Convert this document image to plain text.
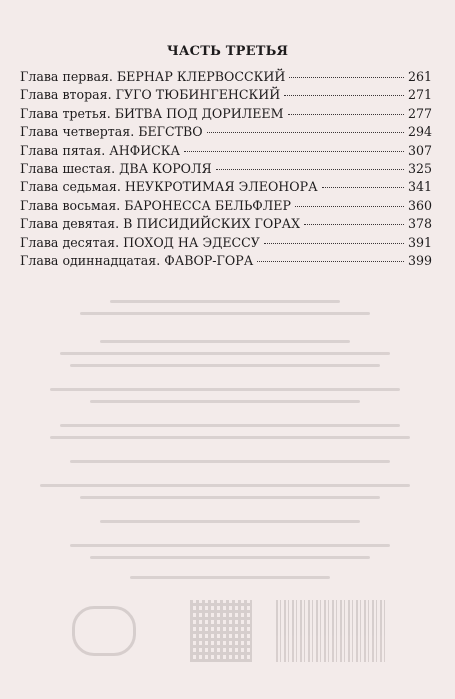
ЧАСТЬ ТРЕТЬЯ
Глава первая. БЕРНАР КЛЕРВОССКИЙ	261
Глава вторая. ГУГО ТЮБИНГЕНСКИЙ	271
Глава третья. БИТВА ПОД ДОРИЛЕЕМ	277
Глава четвертая. БЕГСТВО	294
Глава пятая. АНФИСКА	307
Глава шестая. ДВА КОРОЛЯ	325
Глава седьмая. НЕУКРОТИМАЯ ЭЛЕОНОРА	341
Глава восьмая. БАРОНЕССА БЕЛЬФЛЕР	360
Глава девятая. В ПИСИДИЙСКИХ ГОРАХ	378
Глава десятая. ПОХОД НА ЭДЕССУ	391
Глава одиннадцатая. ФАВОР-ГОРА	399
